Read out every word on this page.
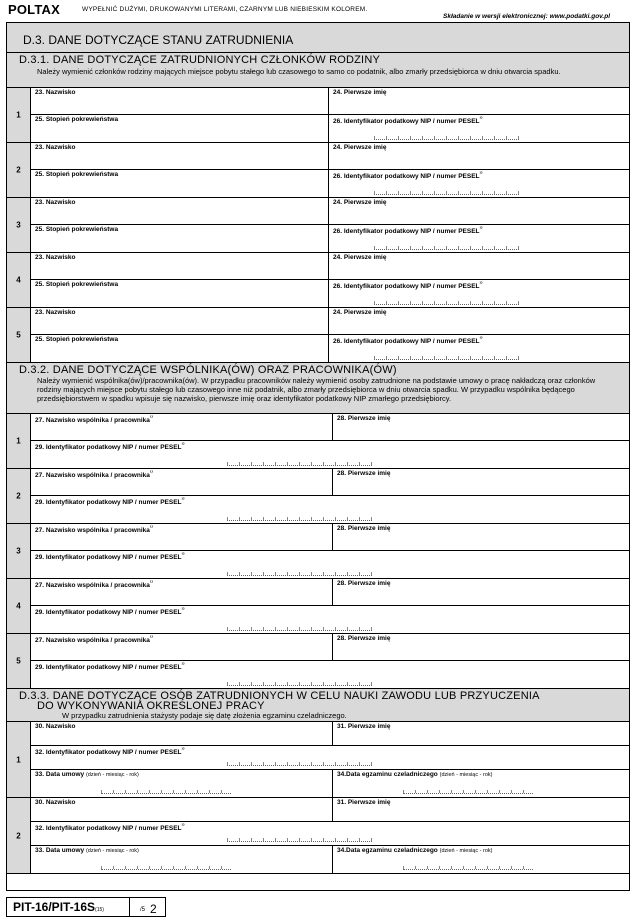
POLTAX	WYPEŁNIĆ DUŻYMI, DRUKOWANYMI LITERAMI, CZARNYM LUB NIEBIESKIM KOLOREM.
Składanie w wersji elektronicznej: www.podatki.gov.pl
D.3. DANE DOTYCZĄCE STANU ZATRUDNIENIA
D.3.1. DANE DOTYCZĄCE ZATRUDNIONYCH CZŁONKÓW RODZINY
Należy wymienić członków rodziny mających miejsce pobytu stałego lub czasowego to samo co podatnik, albo zmarły przedsiębiorca w dniu otwarcia spadku.
1
23. Nazwisko	24. Pierwsze imię
25. Stopień pokrewieństwa	26. Identyfikator podatkowy NIP / numer $PESEL^{^{1)}}$
2
23. Nazwisko	24. Pierwsze imię
25. Stopień pokrewieństwa	26. Identyfikator podatkowy NIP / numer $PESEL^{^{1)}}$
3
23. Nazwisko	24. Pierwsze imię
25. Stopień pokrewieństwa	26. Identyfikator podatkowy NIP / numer $PESEL^{^{1)}}$
4
23. Nazwisko	24. Pierwsze imię
25. Stopień pokrewieństwa	26. Identyfikator podatkowy NIP / numer $PESEL^{^{1)}}$
5
23. Nazwisko	24. Pierwsze imię
25. Stopień pokrewieństwa	26. Identyfikator podatkowy NIP / numer $PESEL^{^{1)}}$
D.3.2. DANE DOTYCZĄCE WSPÓLNIKA(ÓW) ORAZ PRACOWNIKA(ÓW)
Należy wymienić wspólnika(ów)/pracownika(ów). W przypadku pracowników należy wymienić osoby zatrudnione na podstawie umowy o pracę nakładczą oraz członków rodziny mających miejsce pobytu stałego lub czasowego inne niż podatnik, albo zmarły przedsiębiorca w dniu otwarcia spadku. W przypadku wspólnika będącego przedsiębiorstwem w spadku wpisuje się nazwisko, pierwsze imię oraz identyfikator podatkowy NIP zmarłego przedsiębiorcy.
1
27. Nazwisko wspólnika / pracownika$^{^{1)}}$	28. Pierwsze imię
29. Identyfikator podatkowy NIP / numer $PESEL^{^{1)}}$
2
27. Nazwisko wspólnika / pracownika$^{^{1)}}$	28. Pierwsze imię
29. Identyfikator podatkowy NIP / numer $PESEL^{^{1)}}$
3
27. Nazwisko wspólnika / pracownika$^{^{1)}}$	28. Pierwsze imię
29. Identyfikator podatkowy NIP / numer $PESEL^{^{1)}}$
4
27. Nazwisko wspólnika / pracownika$^{^{1)}}$	28. Pierwsze imię
29. Identyfikator podatkowy NIP / numer $PESEL^{^{1)}}$
5
27. Nazwisko wspólnika / pracownika$^{^{1)}}$	28. Pierwsze imię
29. Identyfikator podatkowy NIP / numer $PESEL^{^{1)}}$
D.3.3. DANE DOTYCZĄCE OSÓB ZATRUDNIONYCH W CELU NAUKI ZAWODU LUB PRZYUCZENIA
DO WYKONYWANIA OKREŚLONEJ PRACY
W przypadku zatrudnienia stażysty podaje się datę złożenia egzaminu czeladniczego.
1
30. Nazwisko	31. Pierwsze imię
32. Identyfikator podatkowy NIP / numer $PESEL^{^{1)}}$
33. Data umowy (dzień - miesiąc - rok)	34.Data egzaminu czeladniczego (dzień - miesiąc - rok)
2
30. Nazwisko	31. Pierwsze imię
32. Identyfikator podatkowy NIP / numer $PESEL^{^{1)}}$
33. Data umowy (dzień - miesiąc - rok)	34.Data egzaminu czeladniczego (dzień - miesiąc - rok)
PIT-16/PIT-16S(15)	2
/5
